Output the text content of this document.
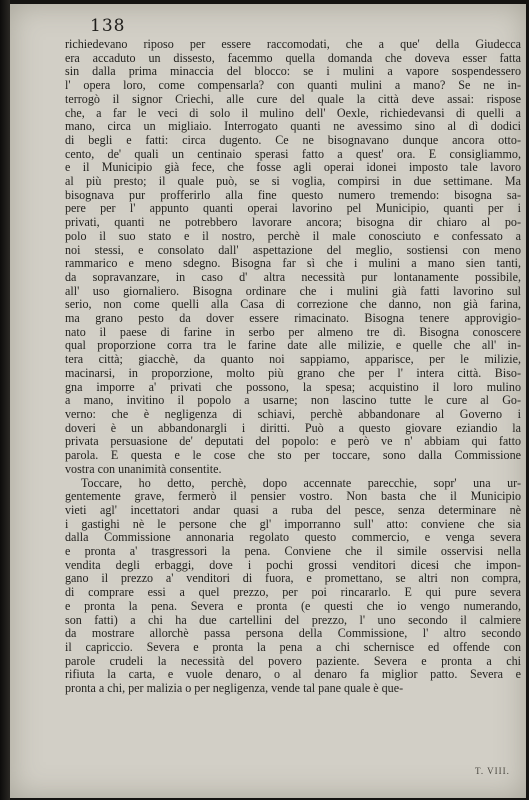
138

richiedevano riposo per essere raccomodati, che a que' della Giudecca
era accaduto un dissesto, facemmo quella domanda che doveva esser fatta
sin dalla prima minaccia del blocco: se i mulini a vapore sospendessero
l' opera loro, come compensarla? con quanti mulini a mano? Se ne in-
terrogò il signor Criechi, alle cure del quale la città deve assai: rispose
che, a far le veci di solo il mulino dell' Oexle, richiedevansi di quelli a
mano, circa un migliaio. Interrogato quanti ne avessimo sino al dì dodici
di begli e fatti: circa dugento. Ce ne bisognavano dunque ancora otto-
cento, de' quali un centinaio sperasi fatto a quest' ora. E consigliammo,
e il Municipio già fece, che fosse agli operai idonei imposto tale lavoro
al più presto; il quale può, se si voglia, compirsi in due settimane. Ma
bisognava pur profferirlo alla fine questo numero tremendo: bisogna sa-
pere per l' appunto quanti operai lavorino pel Municipio, quanti per i
privati, quanti ne potrebbero lavorare ancora; bisogna dir chiaro al po-
polo il suo stato e il nostro, perchè il male conosciuto e confessato a
noi stessi, e consolato dall' aspettazione del meglio, sostiensi con meno
rammarico e meno sdegno. Bisogna far sì che i mulini a mano sien tanti,
da sopravanzare, in caso d' altra necessità pur lontanamente possibile,
all' uso giornaliero. Bisogna ordinare che i mulini già fatti lavorino sul
serio, non come quelli alla Casa di correzione che danno, non già farina,
ma grano pesto da dover essere rimacinato. Bisogna tenere approvigio-
nato il paese di farine in serbo per almeno tre dì. Bisogna conoscere
qual proporzione corra tra le farine date alle milizie, e quelle che all' in-
tera città; giacchè, da quanto noi sappiamo, apparisce, per le milizie,
macinarsi, in proporzione, molto più grano che per l' intera città. Biso-
gna imporre a' privati che possono, la spesa; acquistino il loro mulino
a mano, invitino il popolo a usarne; non lascino tutte le cure al Go-
verno: che è negligenza di schiavi, perchè abbandonare al Governo i
doveri è un abbandonargli i diritti. Può a questo giovare eziandio la
privata persuasione de' deputati del popolo: e però ve n' abbiam qui fatto
parola. E questa e le cose che sto per toccare, sono dalla Commissione
vostra con unanimità consentite.

Toccare, ho detto, perchè, dopo accennate parecchie, sopr' una ur-
gentemente grave, fermerò il pensier vostro. Non basta che il Municipio
vieti agl' incettatori andar quasi a ruba del pesce, senza determinare nè
i gastighi nè le persone che gl' imporranno sull' atto: conviene che sia
dalla Commissione annonaria regolato questo commercio, e venga severa
e pronta a' trasgressori la pena. Conviene che il simile osservisi nella
vendita degli erbaggi, dove i pochi grossi venditori dicesi che impon-
gano il prezzo a' venditori di fuora, e promettano, se altri non compra,
di comprare essi a quel prezzo, per poi rincararlo. E qui pure severa
e pronta la pena. Severa e pronta (e questi che io vengo numerando,
son fatti) a chi ha due cartellini del prezzo, l' uno secondo il calmiere
da mostrare allorchè passa persona della Commissione, l' altro secondo
il capriccio. Severa e pronta la pena a chi schernisce ed offende con
parole crudeli la necessità del povero paziente. Severa e pronta a chi
rifiuta la carta, e vuole denaro, o al denaro fa miglior patto. Severa e
pronta a chi, per malizia o per negligenza, vende tal pane quale è que-

T. VIII.
